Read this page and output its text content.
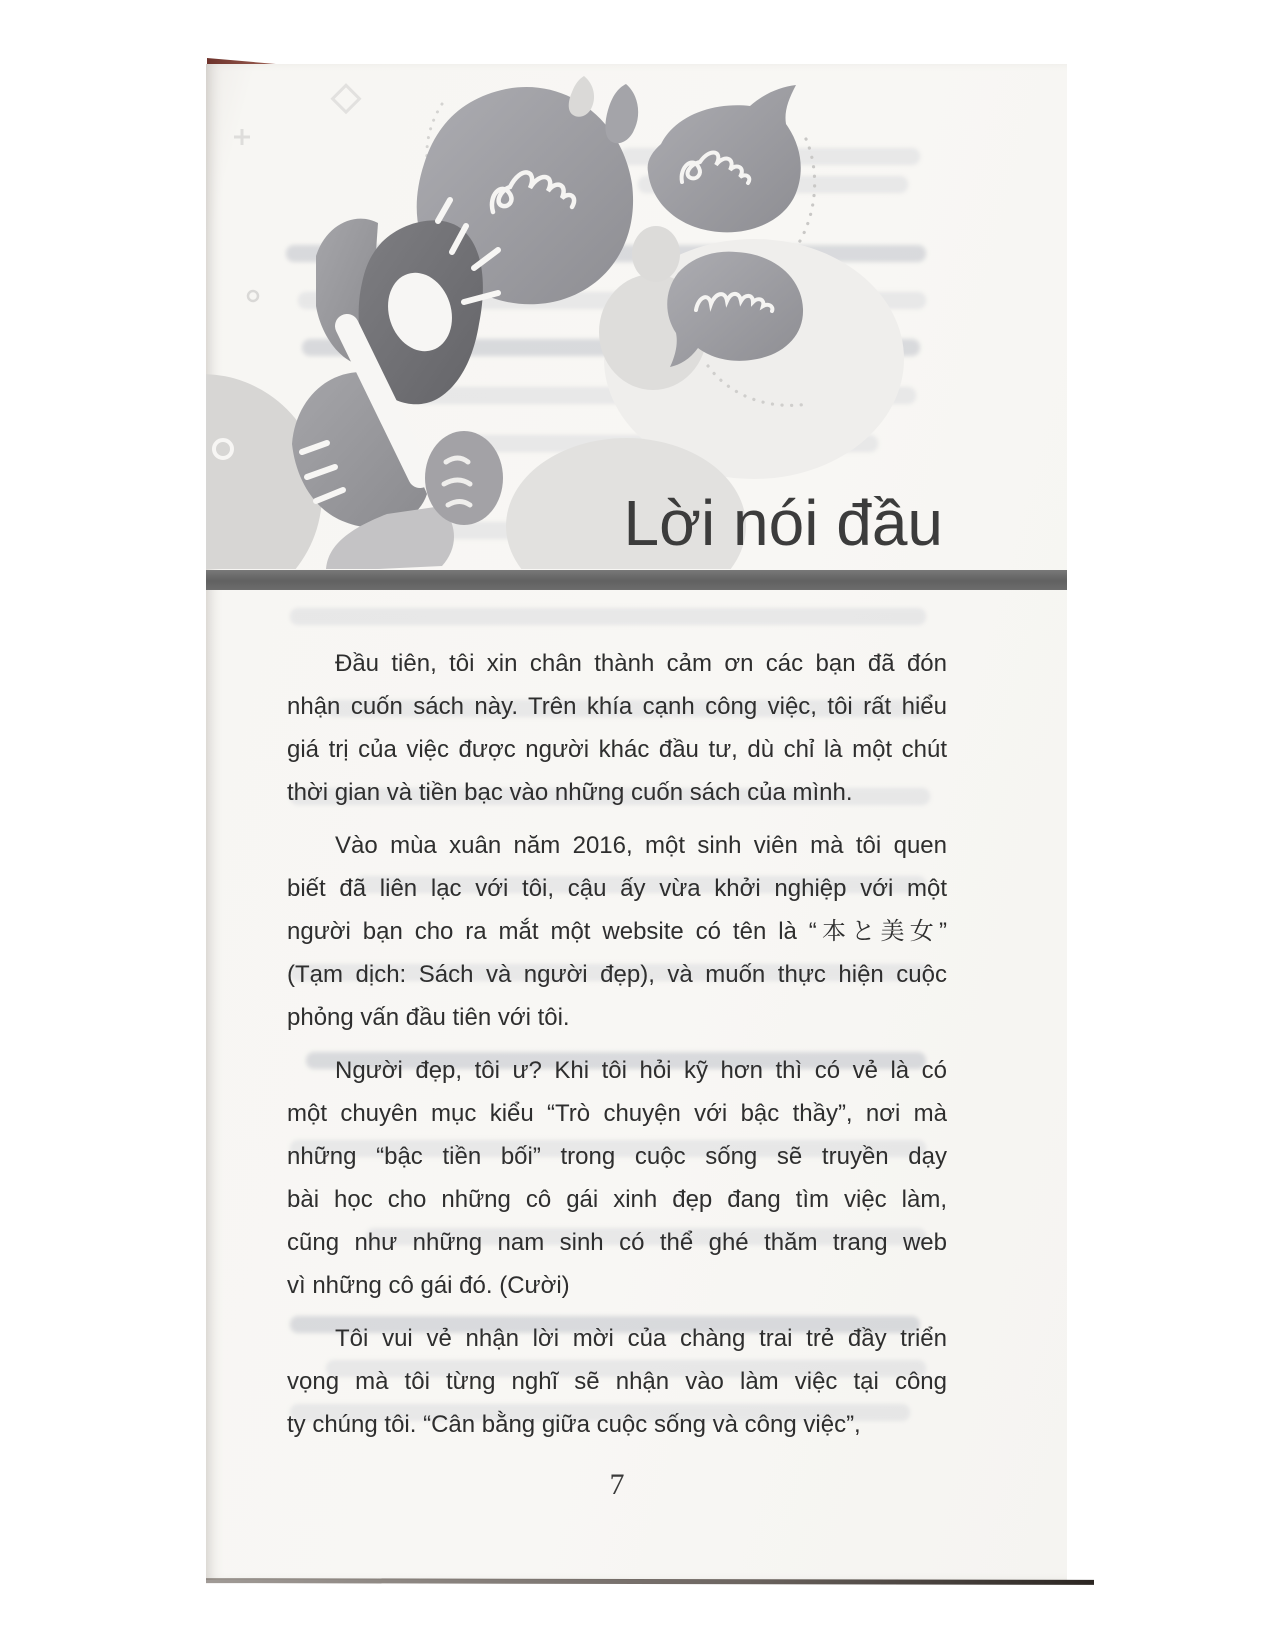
Lời nói đầu
Đầu tiên, tôi xin chân thành cảm ơn các bạn đã đón
nhận cuốn sách này. Trên khía cạnh công việc, tôi rất hiểu
giá trị của việc được người khác đầu tư, dù chỉ là một chút
thời gian và tiền bạc vào những cuốn sách của mình.
Vào mùa xuân năm 2016, một sinh viên mà tôi quen
biết đã liên lạc với tôi, cậu ấy vừa khởi nghiệp với một
người bạn cho ra mắt một website có tên là “本と美女”
(Tạm dịch: Sách và người đẹp), và muốn thực hiện cuộc
phỏng vấn đầu tiên với tôi.
Người đẹp, tôi ư? Khi tôi hỏi kỹ hơn thì có vẻ là có
một chuyên mục kiểu “Trò chuyện với bậc thầy”, nơi mà
những “bậc tiền bối” trong cuộc sống sẽ truyền dạy
bài học cho những cô gái xinh đẹp đang tìm việc làm,
cũng như những nam sinh có thể ghé thăm trang web
vì những cô gái đó. (Cười)
Tôi vui vẻ nhận lời mời của chàng trai trẻ đầy triển
vọng mà tôi từng nghĩ sẽ nhận vào làm việc tại công
ty chúng tôi. “Cân bằng giữa cuộc sống và công việc”,
7
